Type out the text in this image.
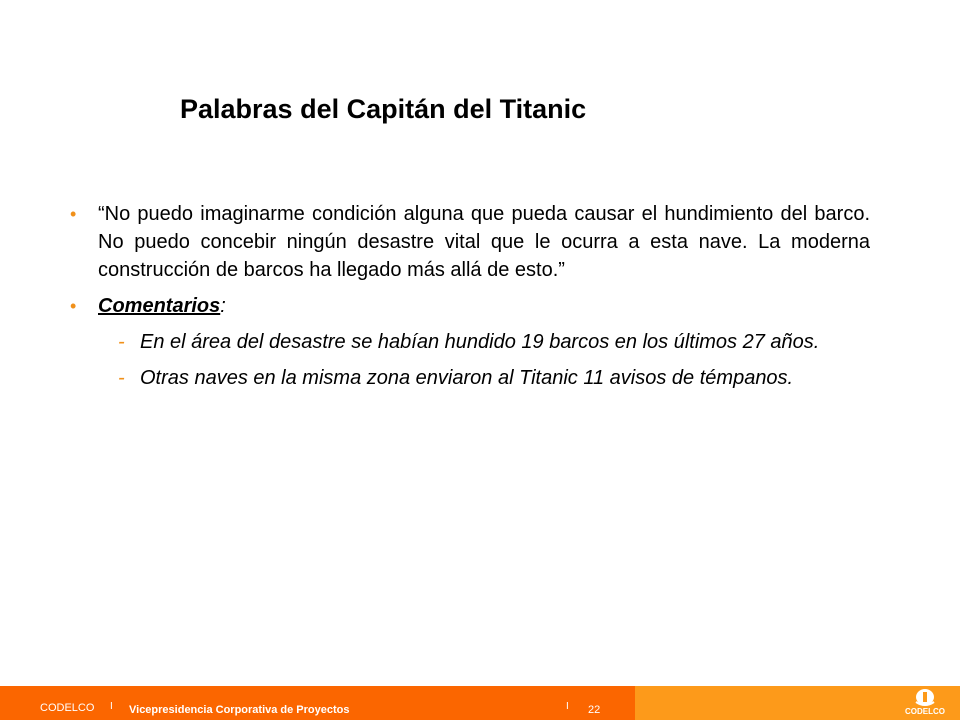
Palabras del Capitán del Titanic
•	“No puedo imaginarme condición alguna que pueda causar el hundimiento del barco. No puedo concebir ningún desastre vital que le ocurra a esta nave. La moderna construcción de barcos ha llegado más allá de esto.”
•	Comentarios:
- En el área del desastre se habían hundido 19 barcos en los últimos 27 años.
- Otras naves en la misma zona enviaron al Titanic 11 avisos de témpanos.
CODELCO I Vicepresidencia Corporativa de Proyectos	I 22	CODELCO
